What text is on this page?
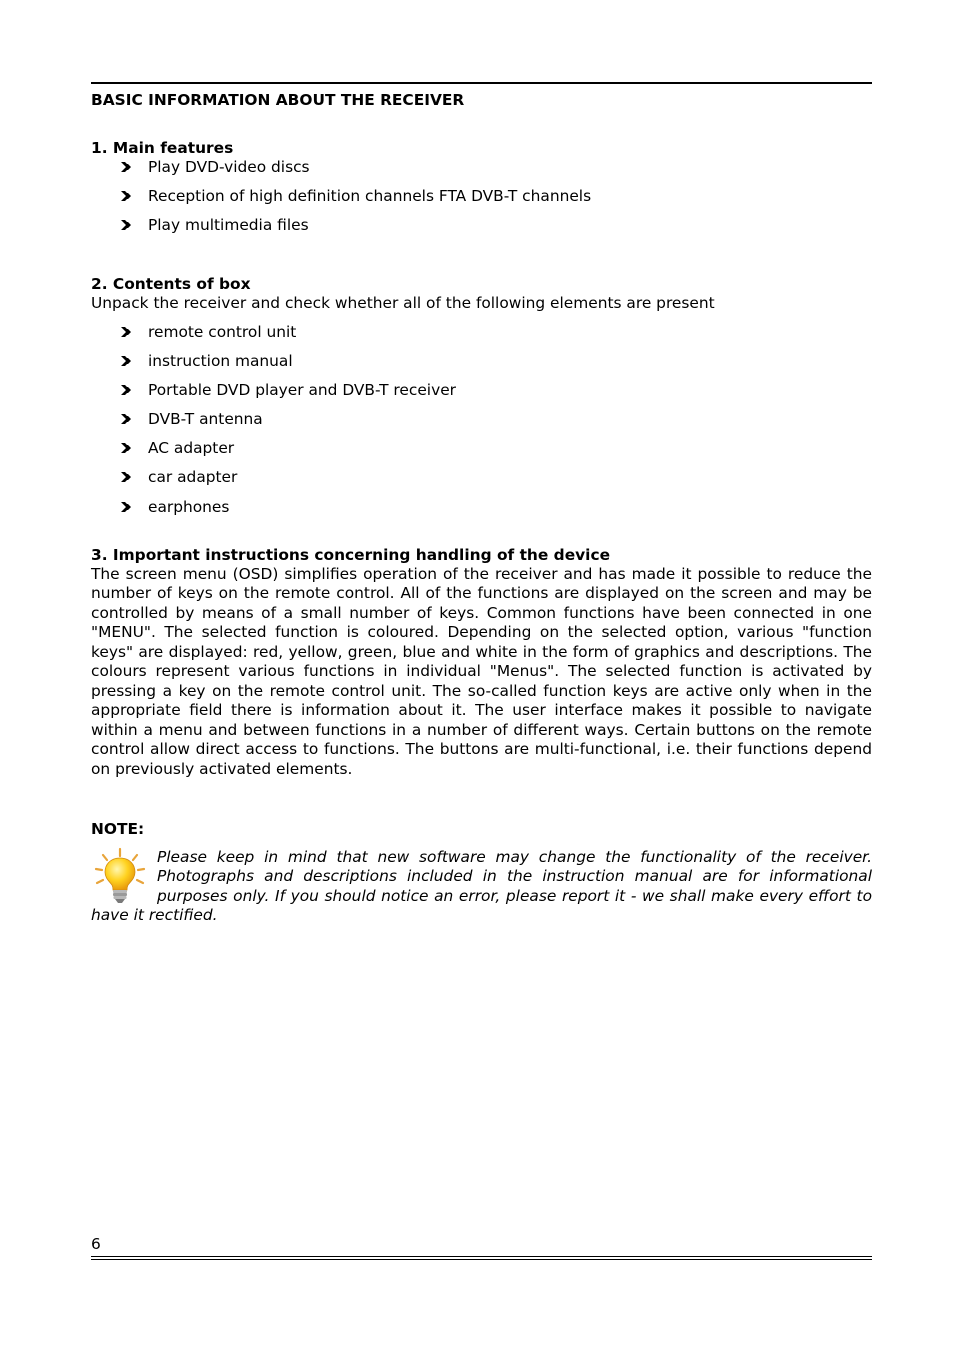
BASIC INFORMATION ABOUT THE RECEIVER
1. Main features
Play DVD-video discs
Reception of high definition channels FTA DVB-T channels
Play multimedia files
2. Contents of box
Unpack the receiver and check whether all of the following elements are present
remote control unit
instruction manual
Portable DVD player and DVB-T receiver
DVB-T antenna
AC adapter
car adapter
earphones
3. Important instructions concerning handling of the device

The screen menu (OSD) simplifies operation of the receiver and has made it possible to reduce the number of keys on the remote control. All of the functions are displayed on the screen and may be controlled by means of a small number of keys. Common functions have been connected in one "MENU". The selected function is coloured. Depending on the selected option, various "function keys" are displayed: red, yellow, green, blue and white in the form of graphics and descriptions. The colours represent various functions in individual "Menus". The selected function is activated by pressing a key on the remote control unit. The so-called function keys are active only when in the appropriate field there is information about it. The user interface makes it possible to navigate within a menu and between functions in a number of different ways. Certain buttons on the remote control allow direct access to functions. The buttons are multi-functional, i.e. their functions depend on previously activated elements.

NOTE:
Please keep in mind that new software may change the functionality of the receiver. Photographs and descriptions included in the instruction manual are for informational purposes only. If you should notice an error, please report it - we shall make every effort to have it rectified.
6
